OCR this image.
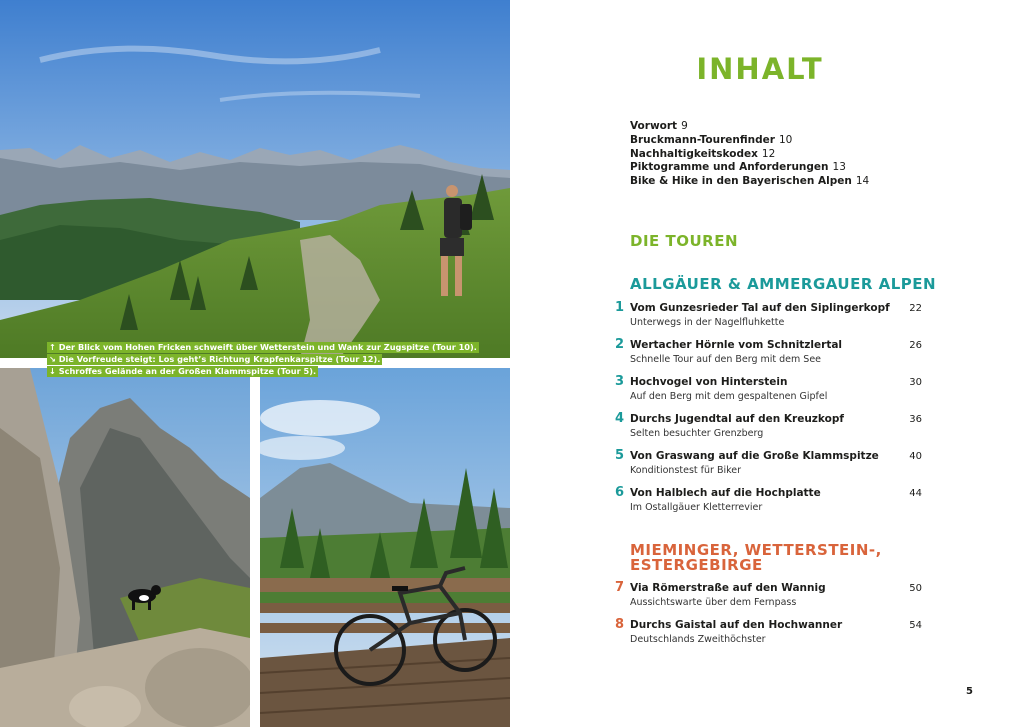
↑ Der Blick vom Hohen Fricken schweift über Wetterstein und Wank zur Zugspitze (Tour 10).
↘ Die Vorfreude steigt: Los geht’s Richtung Krapfenkarspitze (Tour 12).
↓ Schroffes Gelände an der Großen Klammspitze (Tour 5).
INHALT
Vorwort 9
Bruckmann-Tourenfinder 10
Nachhaltigkeitskodex 12
Piktogramme und Anforderungen 13
Bike & Hike in den Bayerischen Alpen 14
DIE TOUREN
ALLGÄUER & AMMERGAUER ALPEN
1 Vom Gunzesrieder Tal auf den Siplingerkopf
Unterwegs in der Nagelfluhkette
22
2 Wertacher Hörnle vom Schnitzlertal
Schnelle Tour auf den Berg mit dem See
26
3 Hochvogel von Hinterstein
Auf den Berg mit dem gespaltenen Gipfel
30
4 Durchs Jugendtal auf den Kreuzkopf
Selten besuchter Grenzberg
36
5 Von Graswang auf die Große Klammspitze
Konditionstest für Biker
40
6 Von Halblech auf die Hochplatte
Im Ostallgäuer Kletterrevier
44
MIEMINGER, WETTERSTEIN-,
ESTERGEBIRGE
7 Via Römerstraße auf den Wannig
Aussichtswarte über dem Fernpass
50
8 Durchs Gaistal auf den Hochwanner
Deutschlands Zweithöchster
54
5
